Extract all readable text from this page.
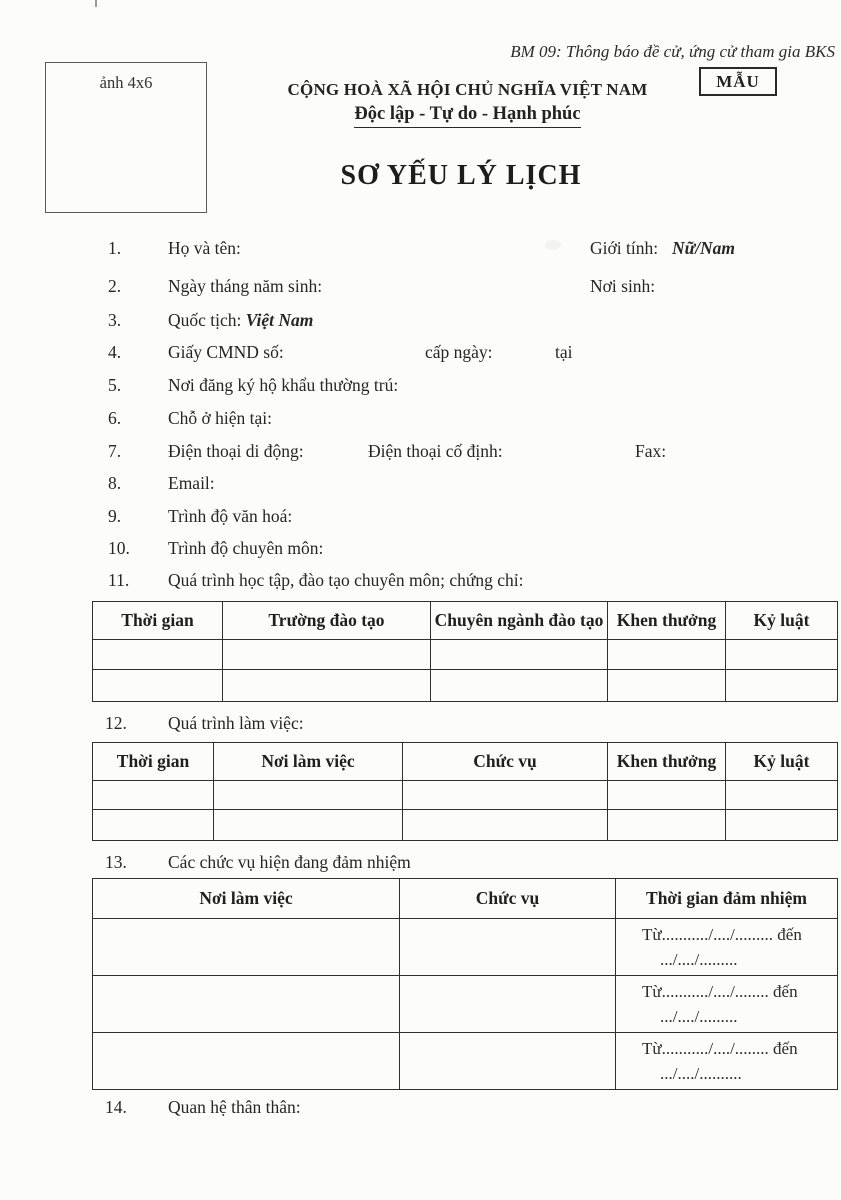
BM 09: Thông báo đề cử, ứng cử tham gia BKS
ảnh 4x6	MẪU
CỘNG HOÀ XÃ HỘI CHỦ NGHĨA VIỆT NAM
Độc lập - Tự do - Hạnh phúc
SƠ YẾU LÝ LỊCH
1.	Họ và tên:	Giới tính: Nữ/Nam
2.	Ngày tháng năm sinh:	Nơi sinh:
3.	Quốc tịch: Việt Nam
4.	Giấy CMND số:	cấp ngày:	tại
5.	Nơi đăng ký hộ khẩu thường trú:
6.	Chỗ ở hiện tại:
7.	Điện thoại di động:	Điện thoại cố định:	Fax:
8.	Email:
9.	Trình độ văn hoá:
10.	Trình độ chuyên môn:
11.	Quá trình học tập, đào tạo chuyên môn; chứng chỉ:
Thời gian	Trường đào tạo	Chuyên ngành đào tạo	Khen thưởng	Kỷ luật

12.	Quá trình làm việc:
Thời gian	Nơi làm việc	Chức vụ	Khen thưởng	Kỷ luật

13.	Các chức vụ hiện đang đảm nhiệm
Nơi làm việc	Chức vụ	Thời gian đảm nhiệm

		Từ.........../..../......... đến
.../..../.........

		Từ.........../..../........ đến
.../..../.........

		Từ.........../..../........ đến
.../..../..........
14.	Quan hệ thân thân:
